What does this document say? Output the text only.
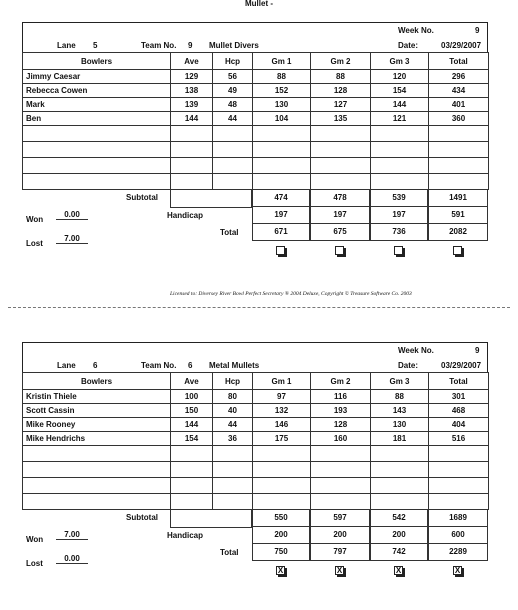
Mullet -
Week No.	9
Lane 5	Team No. 9 Mullet Divers	Date:	03/29/2007
Bowlers	Ave	Hcp	Gm 1	Gm 2	Gm 3	Total
Jimmy Caesar	129	56	88	88	120	296
Rebecca Cowen	138	49	152	128	154	434
Mark	139	48	130	127	144	401
Ben	144	44	104	135	121	360

Subtotal	474	478	539	1491
Handicap	197	197	197	591
Total	671	675	736	2082
Won
0.00
Lost
7.00
Licensed to: Diversey River Bowl Perfect Secretary ® 2004 Deluxe, Copyright © Treasure Software Co. 2003
Week No.	9
Lane 6	Team No. 6 Metal Mullets	Date:	03/29/2007
Bowlers	Ave	Hcp	Gm 1	Gm 2	Gm 3	Total
Kristin Thiele	100	80	97	116	88	301
Scott Cassin	150	40	132	193	143	468
Mike Rooney	144	44	146	128	130	404
Mike Hendrichs	154	36	175	160	181	516

Subtotal	550	597	542	1689
Handicap	200	200	200	600
Total	750	797	742	2289
Won
7.00
Lost
0.00
X	X	X	X
